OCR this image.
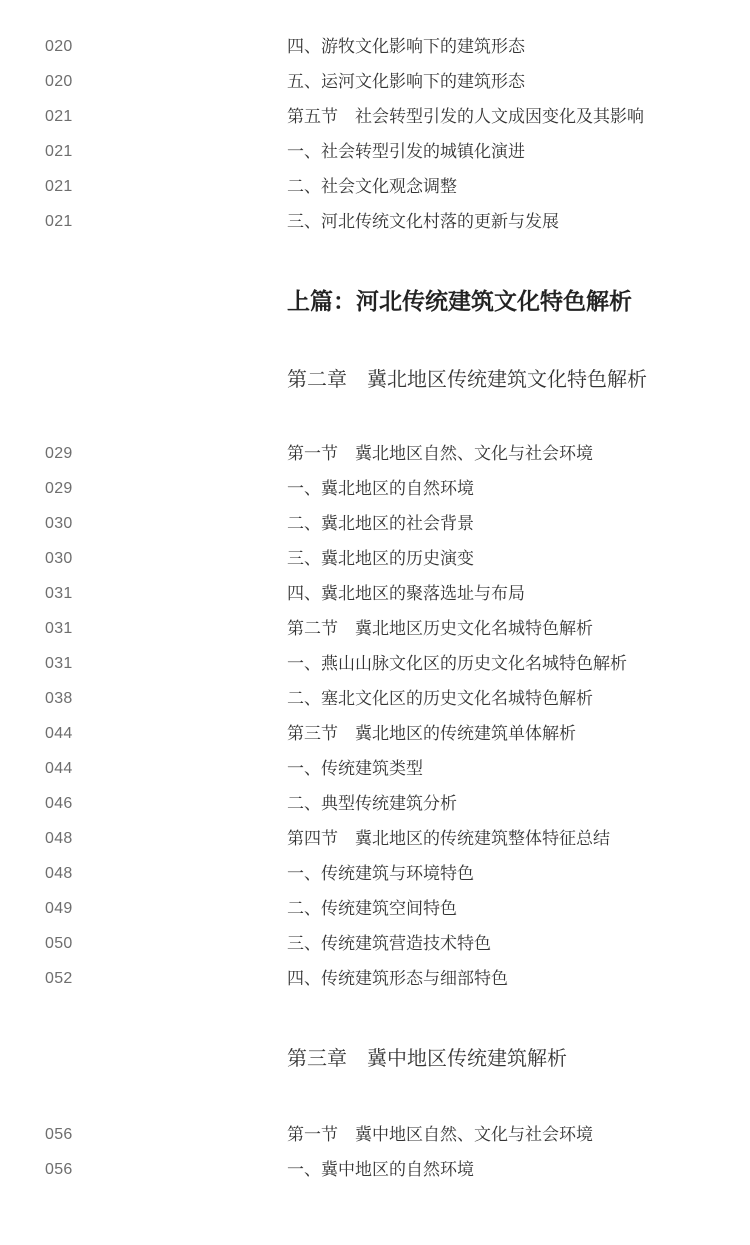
020	四、游牧文化影响下的建筑形态
020	五、运河文化影响下的建筑形态
021	第五节　社会转型引发的人文成因变化及其影响
021	一、社会转型引发的城镇化演进
021	二、社会文化观念调整
021	三、河北传统文化村落的更新与发展
上篇：河北传统建筑文化特色解析
第二章　冀北地区传统建筑文化特色解析
029	第一节　冀北地区自然、文化与社会环境
029	一、冀北地区的自然环境
030	二、冀北地区的社会背景
030	三、冀北地区的历史演变
031	四、冀北地区的聚落选址与布局
031	第二节　冀北地区历史文化名城特色解析
031	一、燕山山脉文化区的历史文化名城特色解析
038	二、塞北文化区的历史文化名城特色解析
044	第三节　冀北地区的传统建筑单体解析
044	一、传统建筑类型
046	二、典型传统建筑分析
048	第四节　冀北地区的传统建筑整体特征总结
048	一、传统建筑与环境特色
049	二、传统建筑空间特色
050	三、传统建筑营造技术特色
052	四、传统建筑形态与细部特色
第三章　冀中地区传统建筑解析
056	第一节　冀中地区自然、文化与社会环境
056	一、冀中地区的自然环境
